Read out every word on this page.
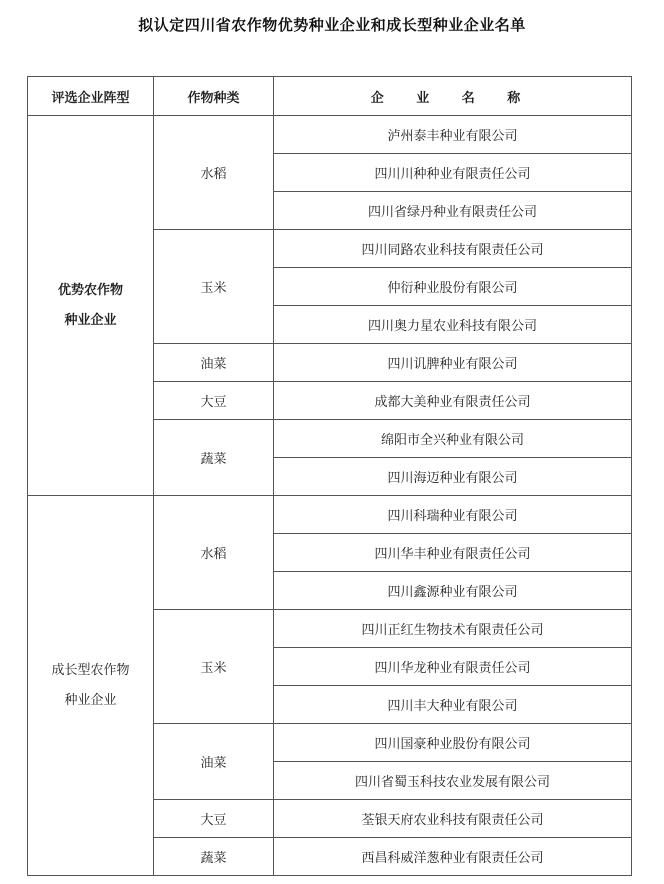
拟认定四川省农作物优势种业企业和成长型种业企业名单
评选企业阵型	作物种类	企 业 名 称

优势农作物
种业企业	水稻	泸州泰丰种业有限公司
		四川川种种业有限责任公司
		四川省绿丹种业有限责任公司
	玉米	四川同路农业科技有限责任公司
		仲衍种业股份有限公司
		四川奥力星农业科技有限公司
	油菜	四川讥脾种业有限公司
	大豆	成都大美种业有限责任公司
	蔬菜	绵阳市全兴种业有限公司
		四川海迈种业有限公司

成长型农作物
种业企业	水稻	四川科瑞种业有限公司
		四川华丰种业有限责任公司
		四川鑫源种业有限公司
	玉米	四川正红生物技术有限责任公司
		四川华龙种业有限责任公司
		四川丰大种业有限公司
	油菜	四川国豪种业股份有限公司
		四川省蜀玉科技农业发展有限公司
	大豆	荃银天府农业科技有限责任公司
	蔬菜	西昌科威洋葱种业有限责任公司
